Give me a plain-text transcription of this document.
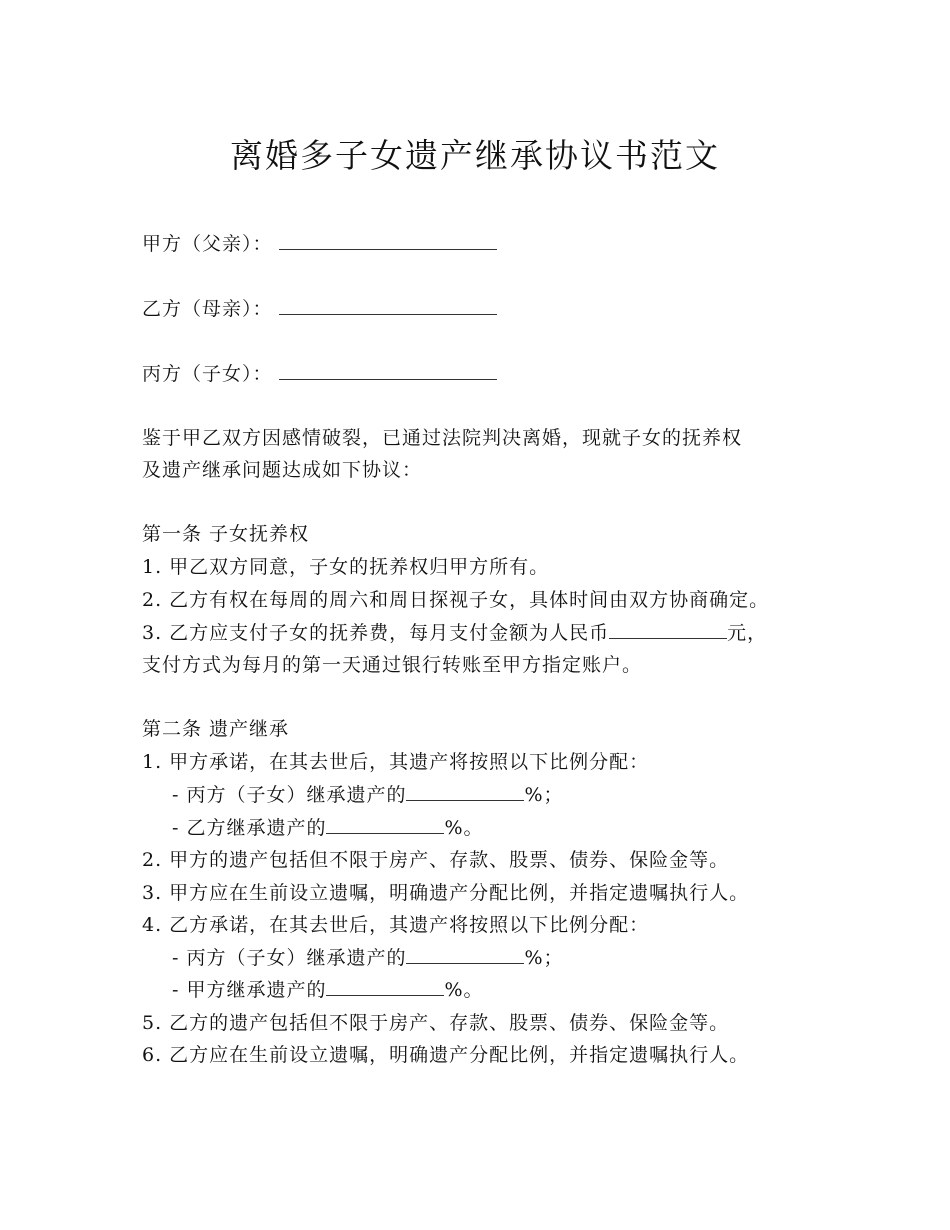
离婚多子女遗产继承协议书范文
甲方（父亲）：
乙方（母亲）：
丙方（子女）：
鉴于甲乙双方因感情破裂，已通过法院判决离婚，现就子女的抚养权
及遗产继承问题达成如下协议：
第一条 子女抚养权
1. 甲乙双方同意，子女的抚养权归甲方所有。
2. 乙方有权在每周的周六和周日探视子女，具体时间由双方协商确定。
3. 乙方应支付子女的抚养费，每月支付金额为人民币	元，
支付方式为每月的第一天通过银行转账至甲方指定账户。
第二条 遗产继承
1. 甲方承诺，在其去世后，其遗产将按照以下比例分配：
- 丙方（子女）继承遗产的	%；
- 乙方继承遗产的	%。
2. 甲方的遗产包括但不限于房产、存款、股票、债券、保险金等。
3. 甲方应在生前设立遗嘱，明确遗产分配比例，并指定遗嘱执行人。
4. 乙方承诺，在其去世后，其遗产将按照以下比例分配：
- 丙方（子女）继承遗产的	%；
- 甲方继承遗产的	%。
5. 乙方的遗产包括但不限于房产、存款、股票、债券、保险金等。
6. 乙方应在生前设立遗嘱，明确遗产分配比例，并指定遗嘱执行人。
